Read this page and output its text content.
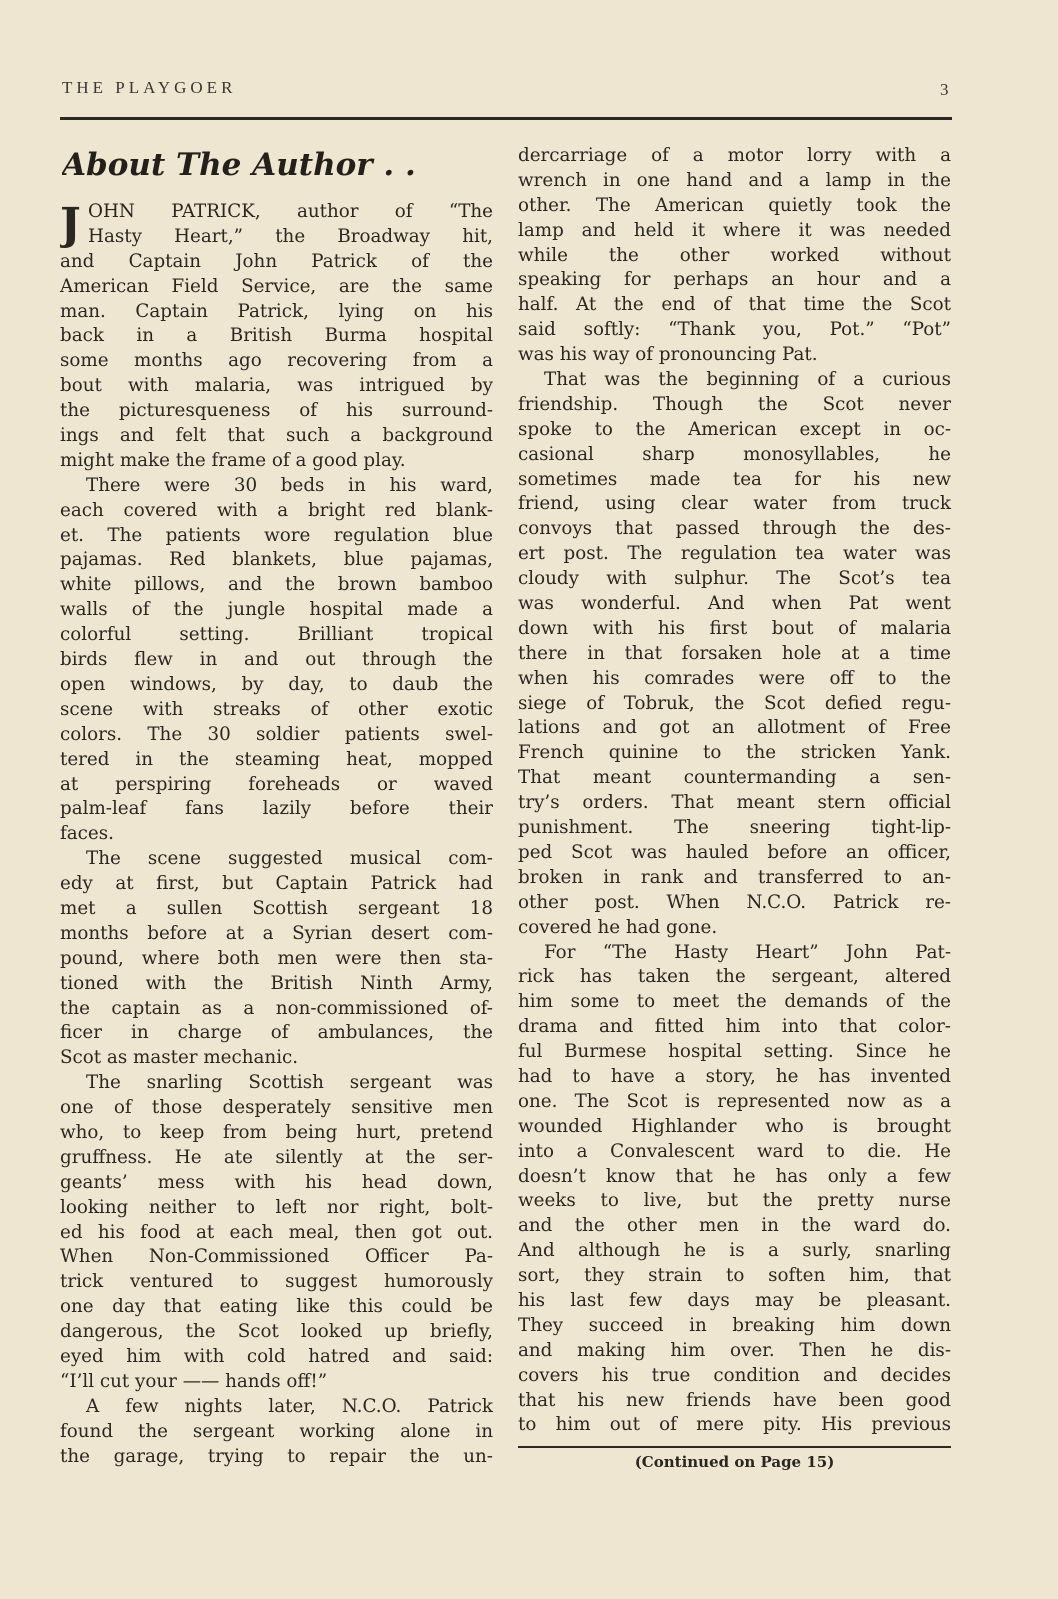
THE PLAYGOER	3
About The Author . .
J OHN PATRICK, author of “The
Hasty Heart,” the Broadway hit,
and Captain John Patrick of the
American Field Service, are the same
man. Captain Patrick, lying on his
back in a British Burma hospital
some months ago recovering from a
bout with malaria, was intrigued by
the picturesqueness of his surround-
ings and felt that such a background
might make the frame of a good play.
There were 30 beds in his ward,
each covered with a bright red blank-
et. The patients wore regulation blue
pajamas. Red blankets, blue pajamas,
white pillows, and the brown bamboo
walls of the jungle hospital made a
colorful setting. Brilliant tropical
birds flew in and out through the
open windows, by day, to daub the
scene with streaks of other exotic
colors. The 30 soldier patients swel-
tered in the steaming heat, mopped
at perspiring foreheads or waved
palm-leaf fans lazily before their
faces.
The scene suggested musical com-
edy at first, but Captain Patrick had
met a sullen Scottish sergeant 18
months before at a Syrian desert com-
pound, where both men were then sta-
tioned with the British Ninth Army,
the captain as a non-commissioned of-
ficer in charge of ambulances, the
Scot as master mechanic.
The snarling Scottish sergeant was
one of those desperately sensitive men
who, to keep from being hurt, pretend
gruffness. He ate silently at the ser-
geants’ mess with his head down,
looking neither to left nor right, bolt-
ed his food at each meal, then got out.
When Non-Commissioned Officer Pa-
trick ventured to suggest humorously
one day that eating like this could be
dangerous, the Scot looked up briefly,
eyed him with cold hatred and said:
“I’ll cut your —— hands off!”
A few nights later, N.C.O. Patrick
found the sergeant working alone in
the garage, trying to repair the un-
dercarriage of a motor lorry with a
wrench in one hand and a lamp in the
other. The American quietly took the
lamp and held it where it was needed
while the other worked without
speaking for perhaps an hour and a
half. At the end of that time the Scot
said softly: “Thank you, Pot.” “Pot”
was his way of pronouncing Pat.
That was the beginning of a curious
friendship. Though the Scot never
spoke to the American except in oc-
casional sharp monosyllables, he
sometimes made tea for his new
friend, using clear water from truck
convoys that passed through the des-
ert post. The regulation tea water was
cloudy with sulphur. The Scot’s tea
was wonderful. And when Pat went
down with his first bout of malaria
there in that forsaken hole at a time
when his comrades were off to the
siege of Tobruk, the Scot defied regu-
lations and got an allotment of Free
French quinine to the stricken Yank.
That meant countermanding a sen-
try’s orders. That meant stern official
punishment. The sneering tight-lip-
ped Scot was hauled before an officer,
broken in rank and transferred to an-
other post. When N.C.O. Patrick re-
covered he had gone.
For “The Hasty Heart” John Pat-
rick has taken the sergeant, altered
him some to meet the demands of the
drama and fitted him into that color-
ful Burmese hospital setting. Since he
had to have a story, he has invented
one. The Scot is represented now as a
wounded Highlander who is brought
into a Convalescent ward to die. He
doesn’t know that he has only a few
weeks to live, but the pretty nurse
and the other men in the ward do.
And although he is a surly, snarling
sort, they strain to soften him, that
his last few days may be pleasant.
They succeed in breaking him down
and making him over. Then he dis-
covers his true condition and decides
that his new friends have been good
to him out of mere pity. His previous
(Continued on Page 15)
